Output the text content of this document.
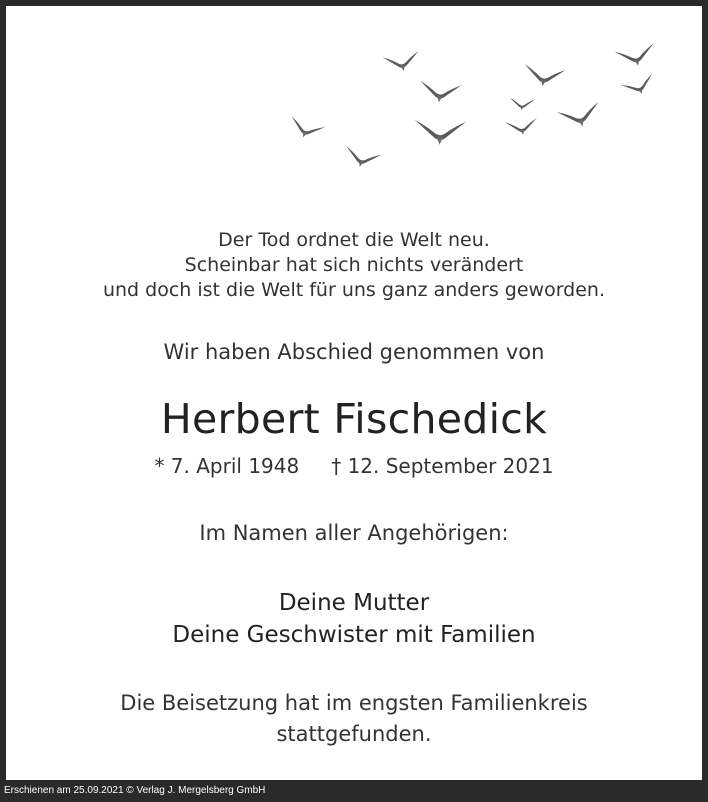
Der Tod ordnet die Welt neu.
Scheinbar hat sich nichts verändert
und doch ist die Welt für uns ganz anders geworden.
Wir haben Abschied genommen von
Herbert Fischedick
* 7. April 1948 † 12. September 2021
Im Namen aller Angehörigen:
Deine Mutter
Deine Geschwister mit Familien
Die Beisetzung hat im engsten Familienkreis
stattgefunden.
Erschienen am 25.09.2021 © Verlag J. Mergelsberg GmbH
